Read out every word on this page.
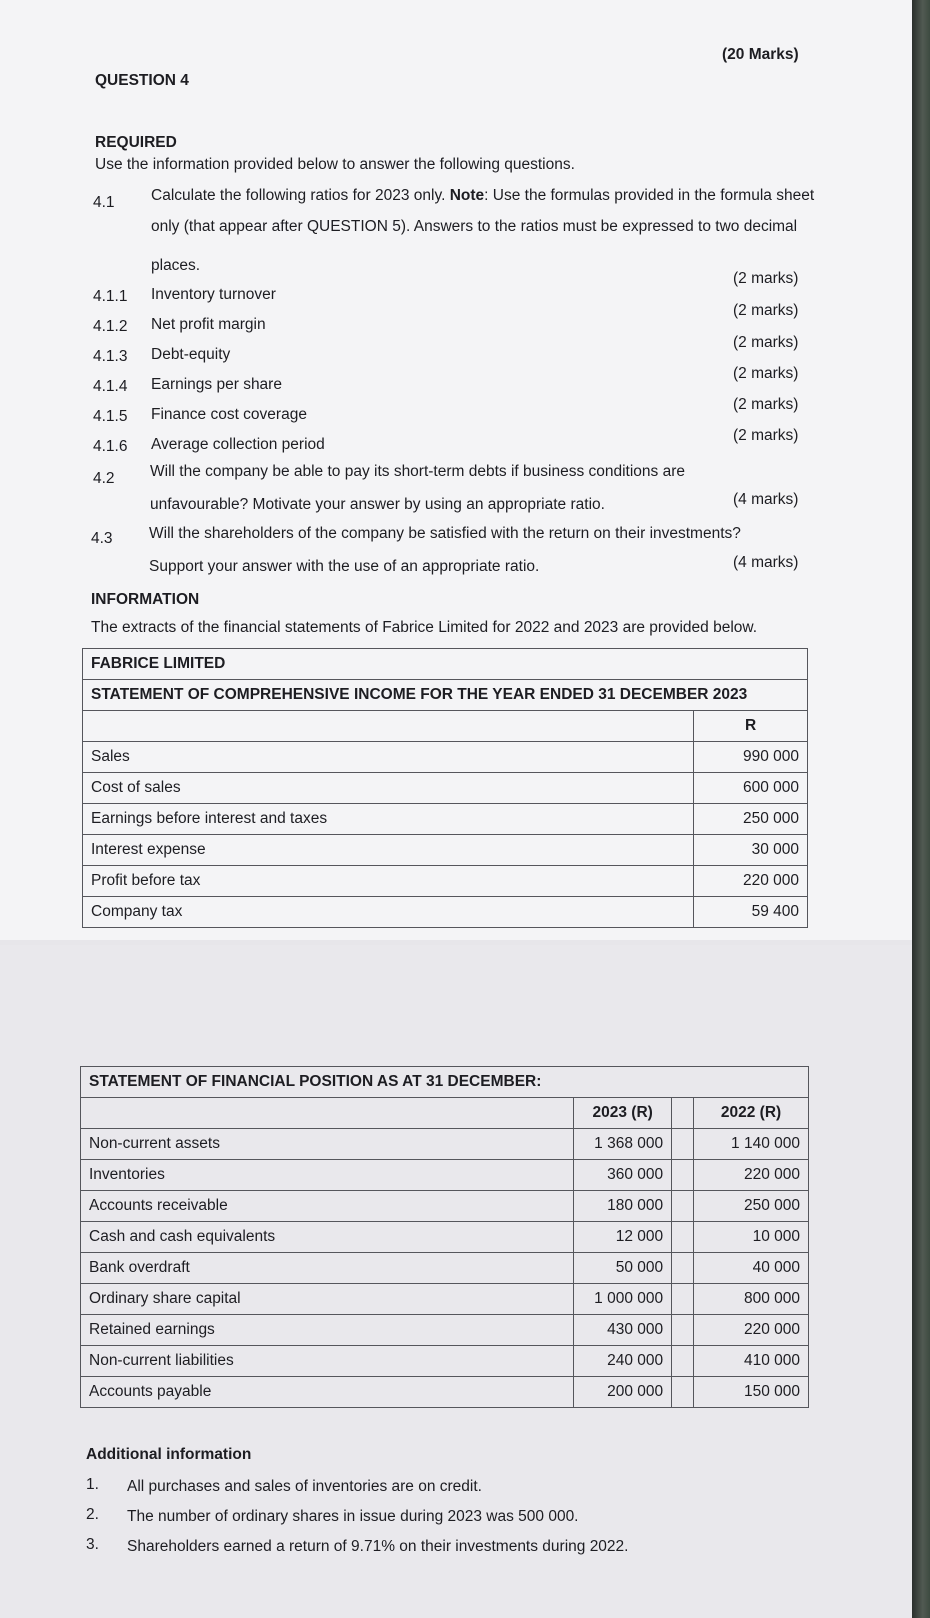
(20 Marks)
QUESTION 4
REQUIRED
Use the information provided below to answer the following questions.
4.1 Calculate the following ratios for 2023 only. Note: Use the formulas provided in the formula sheet
only (that appear after QUESTION 5). Answers to the ratios must be expressed to two decimal
places.
4.1.1 Inventory turnover
(2 marks)
4.1.2 Net profit margin
(2 marks)
4.1.3 Debt-equity
(2 marks)
4.1.4 Earnings per share
(2 marks)
4.1.5 Finance cost coverage
(2 marks)
4.1.6 Average collection period
(2 marks)
4.2 Will the company be able to pay its short-term debts if business conditions are
unfavourable? Motivate your answer by using an appropriate ratio.	(4 marks)
4.3 Will the shareholders of the company be satisfied with the return on their investments?
Support your answer with the use of an appropriate ratio.	(4 marks)
INFORMATION
The extracts of the financial statements of Fabrice Limited for 2022 and 2023 are provided below.
FABRICE LIMITED	
STATEMENT OF COMPREHENSIVE INCOME FOR THE YEAR ENDED 31 DECEMBER 2023	
	R
Sales	990 000
Cost of sales	600 000
Earnings before interest and taxes	250 000
Interest expense	30 000
Profit before tax	220 000
Company tax	59 400
STATEMENT OF FINANCIAL POSITION AS AT 31 DECEMBER:			
	2023 (R)		2022 (R)
Non-current assets	1 368 000		1 140 000
Inventories	360 000		220 000
Accounts receivable	180 000		250 000
Cash and cash equivalents	12 000		10 000
Bank overdraft	50 000		40 000
Ordinary share capital	1 000 000		800 000
Retained earnings	430 000		220 000
Non-current liabilities	240 000		410 000
Accounts payable	200 000		150 000
Additional information
1. All purchases and sales of inventories are on credit.
2. The number of ordinary shares in issue during 2023 was 500 000.
3. Shareholders earned a return of 9.71% on their investments during 2022.
